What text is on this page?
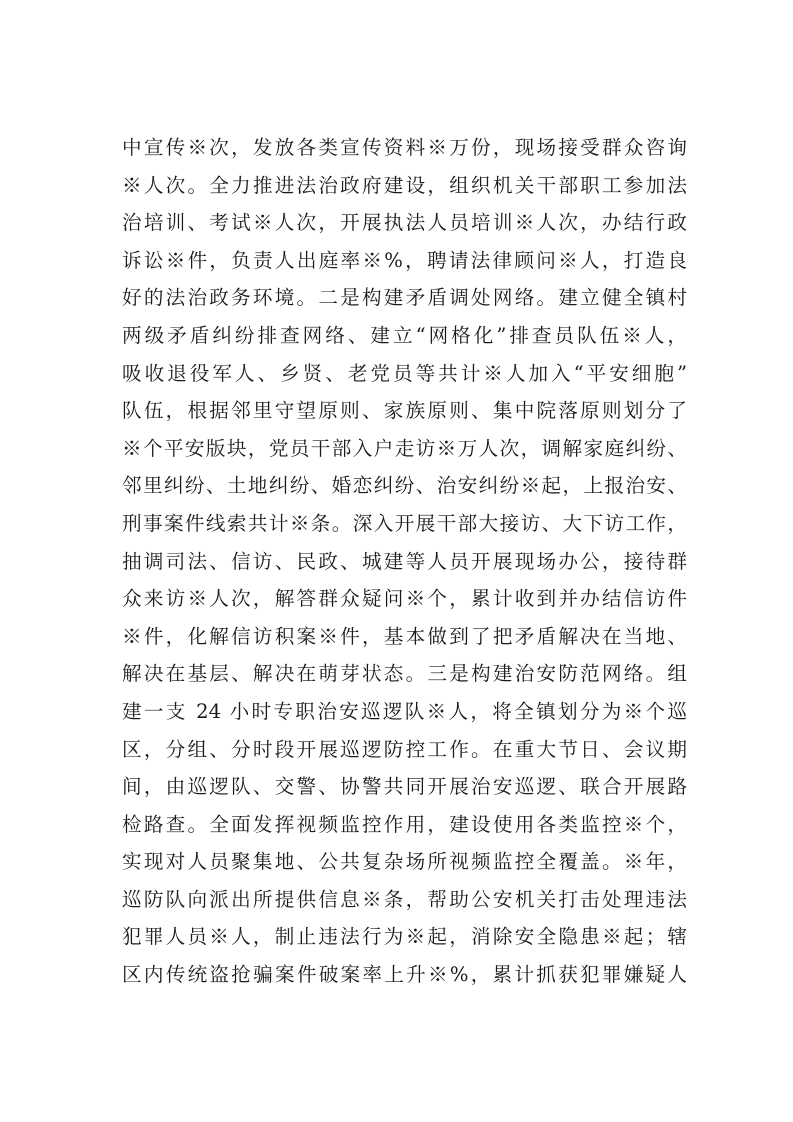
中宣传※次，发放各类宣传资料※万份，现场接受群众咨询
※人次。全力推进法治政府建设，组织机关干部职工参加法
治培训、考试※人次，开展执法人员培训※人次，办结行政
诉讼※件，负责人出庭率※%，聘请法律顾问※人，打造良
好的法治政务环境。二是构建矛盾调处网络。建立健全镇村
两级矛盾纠纷排查网络、建立“网格化”排查员队伍※人，
吸收退役军人、乡贤、老党员等共计※人加入“平安细胞”
队伍，根据邻里守望原则、家族原则、集中院落原则划分了
※个平安版块，党员干部入户走访※万人次，调解家庭纠纷、
邻里纠纷、土地纠纷、婚恋纠纷、治安纠纷※起，上报治安、
刑事案件线索共计※条。深入开展干部大接访、大下访工作，
抽调司法、信访、民政、城建等人员开展现场办公，接待群
众来访※人次，解答群众疑问※个，累计收到并办结信访件
※件，化解信访积案※件，基本做到了把矛盾解决在当地、
解决在基层、解决在萌芽状态。三是构建治安防范网络。组
建一支 24 小时专职治安巡逻队※人，将全镇划分为※个巡
区，分组、分时段开展巡逻防控工作。在重大节日、会议期
间，由巡逻队、交警、协警共同开展治安巡逻、联合开展路
检路查。全面发挥视频监控作用，建设使用各类监控※个，
实现对人员聚集地、公共复杂场所视频监控全覆盖。※年，
巡防队向派出所提供信息※条，帮助公安机关打击处理违法
犯罪人员※人，制止违法行为※起，消除安全隐患※起；辖
区内传统盗抢骗案件破案率上升※%，累计抓获犯罪嫌疑人
